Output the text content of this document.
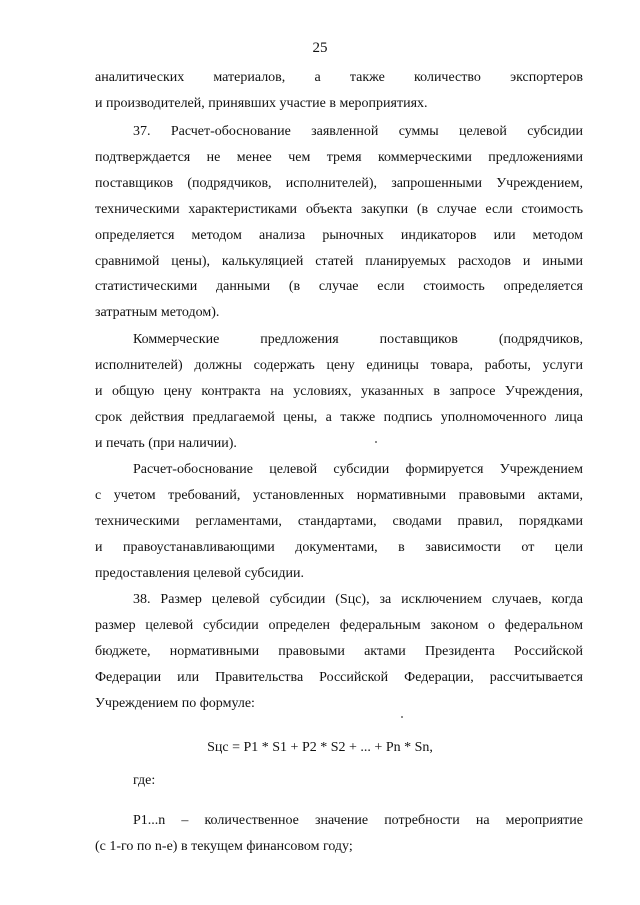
25

аналитических материалов, а также количество экспортеров

и производителей, принявших участие в мероприятиях.

37. Расчет-обоснование заявленной суммы целевой субсидии

подтверждается не менее чем тремя коммерческими предложениями

поставщиков (подрядчиков, исполнителей), запрошенными Учреждением,

техническими характеристиками объекта закупки (в случае если стоимость

определяется методом анализа рыночных индикаторов или методом

сравнимой цены), калькуляцией статей планируемых расходов и иными

статистическими данными (в случае если стоимость определяется

затратным методом).

Коммерческие предложения поставщиков (подрядчиков,

исполнителей) должны содержать цену единицы товара, работы, услуги

и общую цену контракта на условиях, указанных в запросе Учреждения,

срок действия предлагаемой цены, а также подпись уполномоченного лица

и печать (при наличии).

Расчет-обоснование целевой субсидии формируется Учреждением

с учетом требований, установленных нормативными правовыми актами,

техническими регламентами, стандартами, сводами правил, порядками

и правоустанавливающими документами, в зависимости от цели

предоставления целевой субсидии.

38. Размер целевой субсидии (Sцс), за исключением случаев, когда

размер целевой субсидии определен федеральным законом о федеральном

бюджете, нормативными правовыми актами Президента Российской

Федерации или Правительства Российской Федерации, рассчитывается

Учреждением по формуле:

Sцс = P1 * S1 + P2 * S2 + ... + Pn * Sn,
где:

P1...n – количественное значение потребности на мероприятие

(с 1-го по n-е) в текущем финансовом году;
